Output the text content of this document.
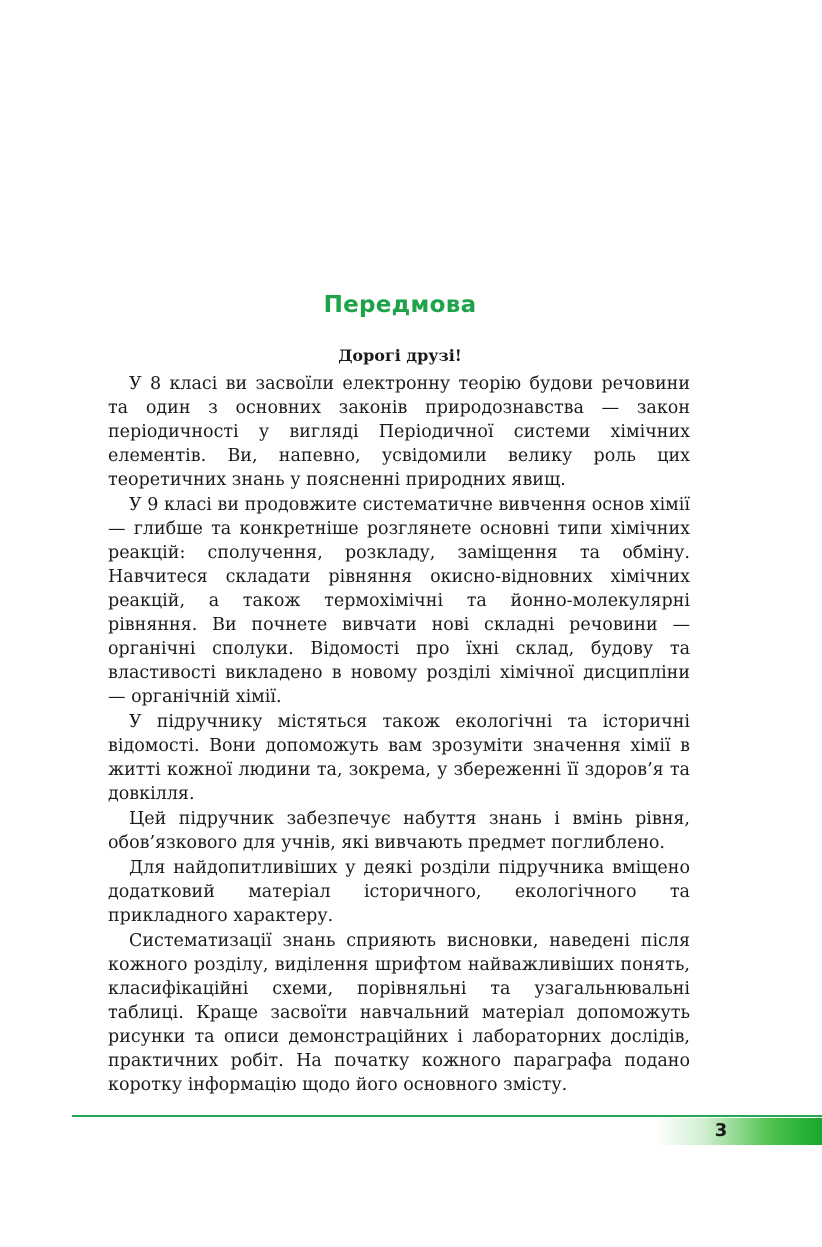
Передмова
Дорогі друзі!

У 8 класі ви засвоїли електронну теорію будови речовини та один з основних законів природознавства — закон періодичності у вигляді Періодичної системи хімічних елементів. Ви, напевно, усвідомили велику роль цих теоретичних знань у поясненні природних явищ.

У 9 класі ви продовжите систематичне вивчення основ хімії — глибше та конкретніше розглянете основні типи хімічних реакцій: сполучення, розкладу, заміщення та обміну. Навчитеся складати рівняння окисно-відновних хімічних реакцій, а також термохімічні та йонно-молекулярні рівняння. Ви почнете вивчати нові складні речовини — органічні сполуки. Відомості про їхні склад, будову та властивості викладено в новому розділі хімічної дисципліни — органічній хімії.

У підручнику містяться також екологічні та історичні відомості. Вони допоможуть вам зрозуміти значення хімії в житті кожної людини та, зокрема, у збереженні її здоров’я та довкілля.

Цей підручник забезпечує набуття знань і вмінь рівня, обов’язкового для учнів, які вивчають предмет поглиблено.

Для найдопитливіших у деякі розділи підручника вміщено додатковий матеріал історичного, екологічного та прикладного характеру.

Систематизації знань сприяють висновки, наведені після кожного розділу, виділення шрифтом найважливіших понять, класифікаційні схеми, порівняльні та узагальнювальні таблиці. Краще засвоїти навчальний матеріал допоможуть рисунки та описи демонстраційних і лабораторних дослідів, практичних робіт. На початку кожного параграфа подано коротку інформацію щодо його основного змісту.

3
